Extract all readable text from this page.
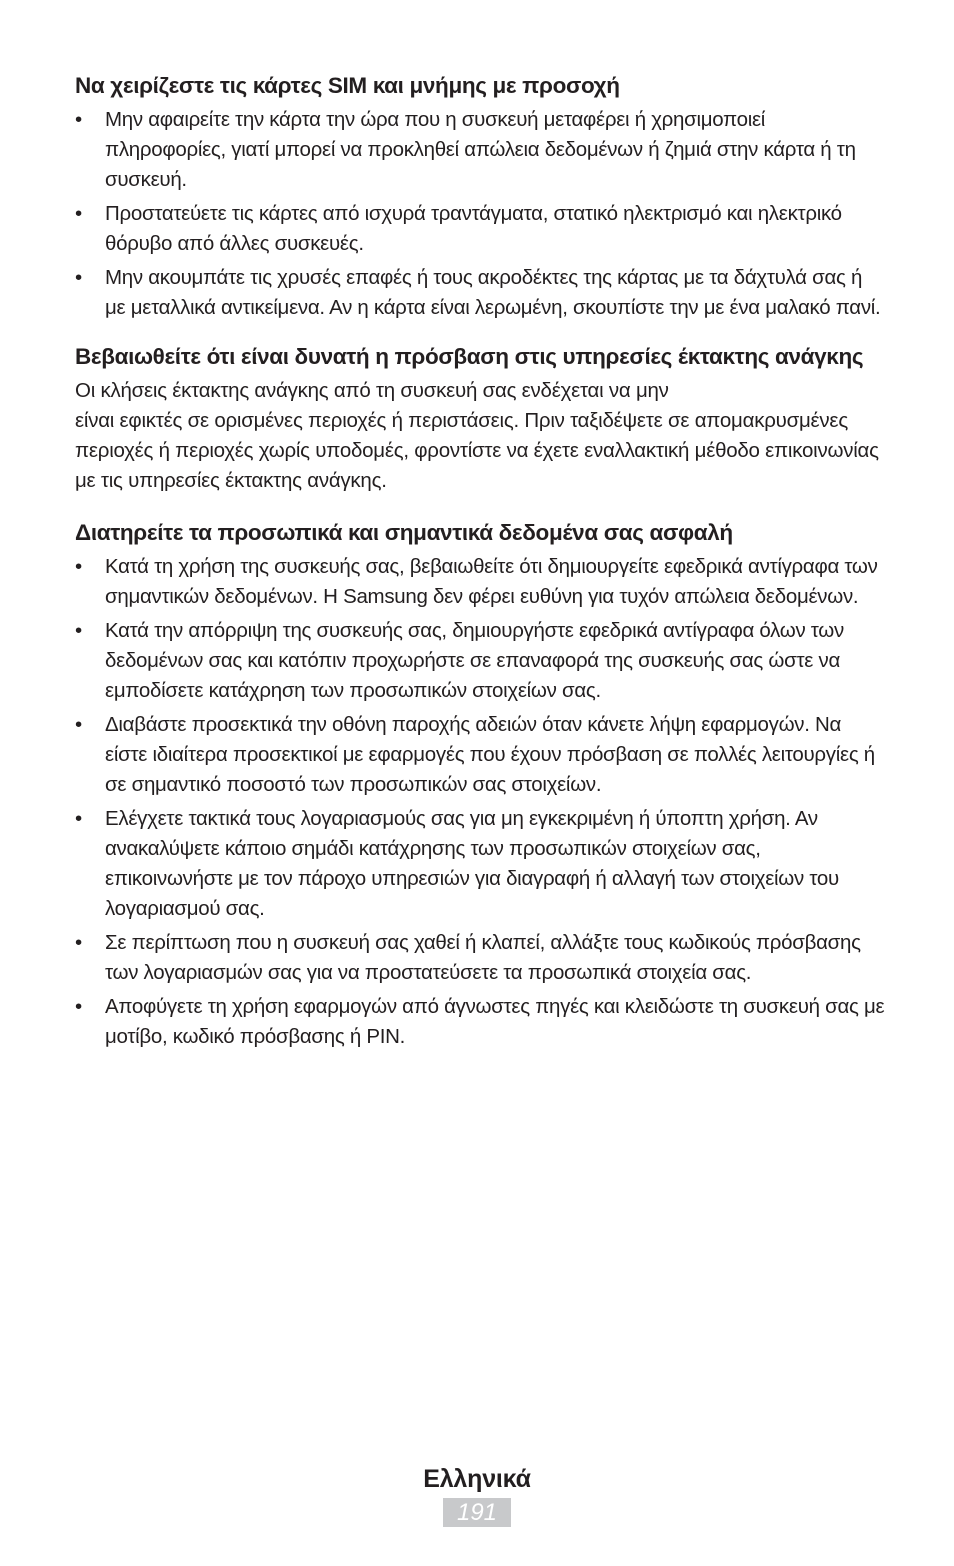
Να χειρίζεστε τις κάρτες SIM και μνήμης με προσοχή
•	Μην αφαιρείτε την κάρτα την ώρα που η συσκευή μεταφέρει ή χρησιμοποιεί πληροφορίες, γιατί μπορεί να προκληθεί απώλεια δεδομένων ή ζημιά στην κάρτα ή τη συσκευή.
•	Προστατεύετε τις κάρτες από ισχυρά τραντάγματα, στατικό ηλεκτρισμό και ηλεκτρικό θόρυβο από άλλες συσκευές.
•	Μην ακουμπάτε τις χρυσές επαφές ή τους ακροδέκτες της κάρτας με τα δάχτυλά σας ή με μεταλλικά αντικείμενα. Αν η κάρτα είναι λερωμένη, σκουπίστε την με ένα μαλακό πανί.
Βεβαιωθείτε ότι είναι δυνατή η πρόσβαση στις υπηρεσίες έκτακτης ανάγκης

Οι κλήσεις έκτακτης ανάγκης από τη συσκευή σας ενδέχεται να μην
είναι εφικτές σε ορισμένες περιοχές ή περιστάσεις. Πριν ταξιδέψετε σε απομακρυσμένες περιοχές ή περιοχές χωρίς υποδομές, φροντίστε να έχετε εναλλακτική μέθοδο επικοινωνίας με τις υπηρεσίες έκτακτης ανάγκης.

Διατηρείτε τα προσωπικά και σημαντικά δεδομένα σας ασφαλή
•	Κατά τη χρήση της συσκευής σας, βεβαιωθείτε ότι δημιουργείτε εφεδρικά αντίγραφα των σημαντικών δεδομένων. Η Samsung δεν φέρει ευθύνη για τυχόν απώλεια δεδομένων.
•	Κατά την απόρριψη της συσκευής σας, δημιουργήστε εφεδρικά αντίγραφα όλων των δεδομένων σας και κατόπιν προχωρήστε σε επαναφορά της συσκευής σας ώστε να εμποδίσετε κατάχρηση των προσωπικών στοιχείων σας.
•	Διαβάστε προσεκτικά την οθόνη παροχής αδειών όταν κάνετε λήψη εφαρμογών. Να είστε ιδιαίτερα προσεκτικοί με εφαρμογές που έχουν πρόσβαση σε πολλές λειτουργίες ή σε σημαντικό ποσοστό των προσωπικών σας στοιχείων.
•	Ελέγχετε τακτικά τους λογαριασμούς σας για μη εγκεκριμένη ή ύποπτη χρήση. Αν ανακαλύψετε κάποιο σημάδι κατάχρησης των προσωπικών στοιχείων σας, επικοινωνήστε με τον πάροχο υπηρεσιών για διαγραφή ή αλλαγή των στοιχείων του λογαριασμού σας.
•	Σε περίπτωση που η συσκευή σας χαθεί ή κλαπεί, αλλάξτε τους κωδικούς πρόσβασης των λογαριασμών σας για να προστατεύσετε τα προσωπικά στοιχεία σας.
•	Αποφύγετε τη χρήση εφαρμογών από άγνωστες πηγές και κλειδώστε τη συσκευή σας με μοτίβο, κωδικό πρόσβασης ή PIN.
Ελληνικά
191
